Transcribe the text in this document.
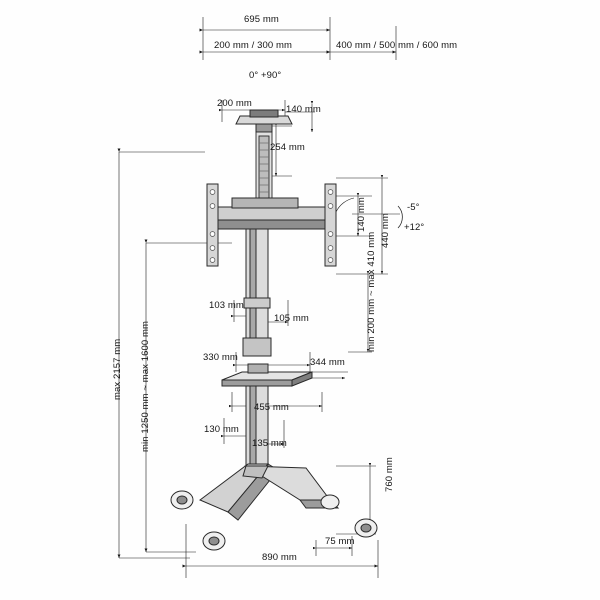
695 mm
200 mm / 300 mm	400 mm / 500 mm / 600 mm
0° +90°
200 mm
140 mm
254 mm
140 mm 440 mm
-5°
+12°
min 200 mm ~ max 410 mm
103 mm
105 mm
330 mm	344 mm
455 mm
130 mm
135 mm
760 mm
75 mm
890 mm
max 2157 mm min 1250 mm ~ max 1600 mm
